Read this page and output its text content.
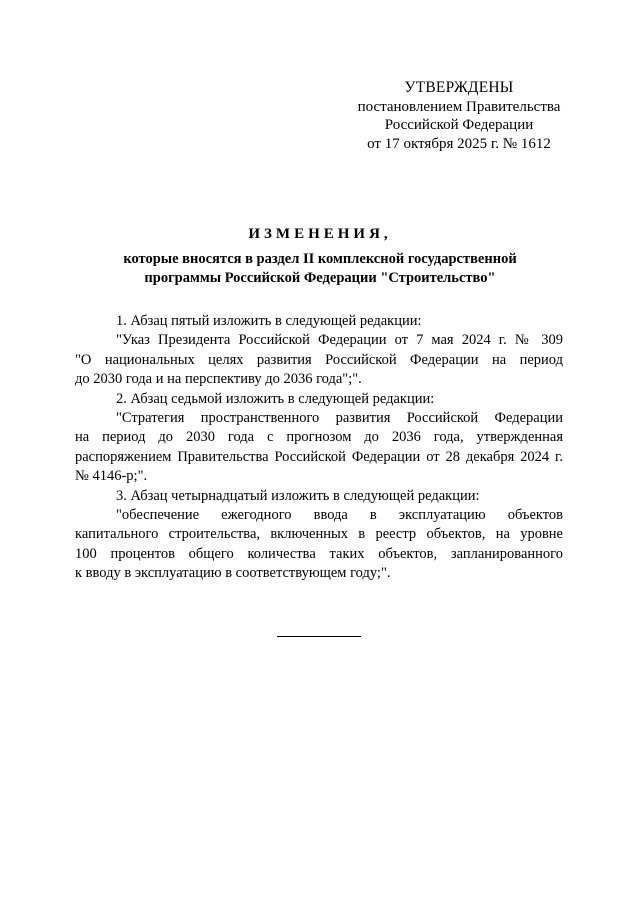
УТВЕРЖДЕНЫ
постановлением Правительства
Российской Федерации
от 17 октября 2025 г. № 1612
ИЗМЕНЕНИЯ,
которые вносятся в раздел II комплексной государственной
программы Российской Федерации "Строительство"

1. Абзац пятый изложить в следующей редакции:

"Указ Президента Российской Федерации от 7 мая 2024 г. № 309

"О национальных целях развития Российской Федерации на период

до 2030 года и на перспективу до 2036 года";".

2. Абзац седьмой изложить в следующей редакции:

"Стратегия пространственного развития Российской Федерации

на период до 2030 года с прогнозом до 2036 года, утвержденная

распоряжением Правительства Российской Федерации от 28 декабря 2024 г.

№ 4146-р;".

3. Абзац четырнадцатый изложить в следующей редакции:

"обеспечение ежегодного ввода в эксплуатацию объектов

капитального строительства, включенных в реестр объектов, на уровне

100 процентов общего количества таких объектов, запланированного

к вводу в эксплуатацию в соответствующем году;".
